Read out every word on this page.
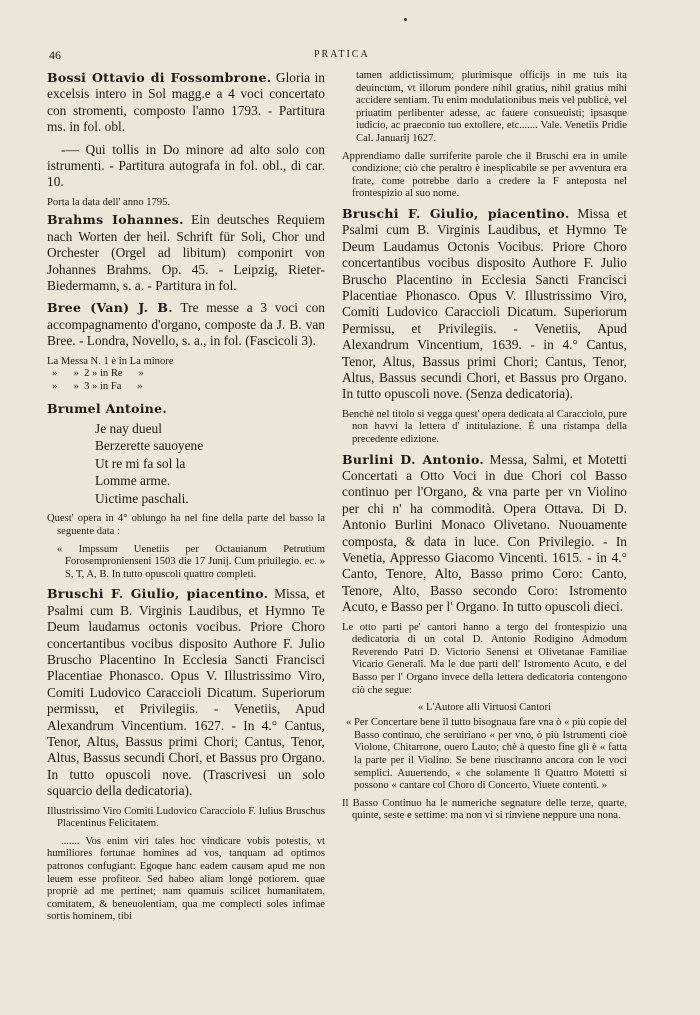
46	PRATICA

Bossi Ottavio di Fossombrone. Gloria in excelsis intero in Sol magg.e a 4 voci concertato con stromenti, composto l'anno 1793. - Partitura ms. in fol. obl.

-— Qui tollis in Do minore ad alto solo con istrumenti. - Partitura autografa in fol. obl., di car. 10.

Porta la data dell' anno 1795.

Brahms Iohannes. Ein deutsches Requiem nach Worten der heil. Schrift für Soli, Chor und Orchester (Orgel ad libitum) componirt von Johannes Brahms. Op. 45. - Leipzig, Rieter-Biedermamn, s. a. - Partitura in fol.

Bree (Van) J. B. Tre messe a 3 voci con accompagnamento d'organo, composte da J. B. van Bree. - Londra, Novello, s. a., in fol. (Fascicoli 3).

La Messa N. 1 è in La minore
»      »  2 » in Re      »
»      »  3 » in Fa      »

Brumel Antoine.

Je nay dueul
Berzerette sauoyene
Ut re mi fa sol la
Lomme arme.
Uictime paschali.

Quest' opera in 4° oblungo ha nel fine della parte del basso la seguente data :

« Impssum Uenetiis per Octauianum Petrutium Forosempronienseni 1503 die 17 Junij. Cum priuilegio. ec. » S, T, A, B. In tutto opuscoli quattro completi.

Bruschi F. Giulio, piacentino. Missa, et Psalmi cum B. Virginis Laudibus, et Hymno Te Deum laudamus octonis vocibus. Priore Choro concertantibus vocibus disposito Authore F. Julio Bruscho Placentino In Ecclesia Sancti Francisci Placentiae Phonasco. Opus V. Illustrissimo Viro, Comiti Ludovico Caraccioli Dicatum. Superiorum permissu, et Privilegiis. - Venetiis, Apud Alexandrum Vincentium. 1627. - In 4.° Cantus, Tenor, Altus, Bassus primi Chori; Cantus, Tenor, Altus, Bassus secundi Chori, et Bassus pro Organo. In tutto opuscoli nove. (Trascrivesi un solo squarcio della dedicatoria).

Illustrissimo Viro Comiti Ludovico Caracciolo F. Iulius Bruschus Placentinus Felicitatem.

....... Vos enim viri tales hoc vindicare vobis potestis, vt humiliores fortunae homines ad vos, tanquam ad optimos patronos confugiant: Egoque hanc eadem causam apud me non leuem esse profiteor. Sed habeo aliam longè potiorem. quae propriè ad me pertinet; nam quamuis scilicet humanitatem, comitatem, & beneuolentiam, qua me complecti soles infimae sortis hominem, tibi

tamen addictissimum; plurimisque officijs in me tuis ita deuinctum, vt illorum pondere nihil gratius, nihil gratius mihi accidere sentiam. Tu enim modulationibus meis vel publicè, vel priuatim perlibenter adesse, ac fauere consueuisti; ipsasque iudicio, ac praeconio tuo extollere, etc....... Vale. Venetiis Pridie Cal. Januarij 1627.

Apprendiamo dalle surriferite parole che il Bruschi era in umile condizione; ciò che peraltro è inesplicabile se per avventura era frate, come potrebbe darlo a credere la F anteposta nel frontespizio al suo nome.

Bruschi F. Giulio, piacentino. Missa et Psalmi cum B. Virginis Laudibus, et Hymno Te Deum Laudamus Octonis Vocibus. Priore Choro concertantibus vocibus disposito Authore F. Julio Bruscho Placentino in Ecclesia Sancti Francisci Placentiae Phonasco. Opus V. Illustrissimo Viro, Comiti Ludovico Caraccioli Dicatum. Superiorum Permissu, et Privilegiis. - Venetiis, Apud Alexandrum Vincentium, 1639. - in 4.° Cantus, Tenor, Altus, Bassus primi Chori; Cantus, Tenor, Altus, Bassus secundi Chori, et Bassus pro Organo. In tutto opuscoli nove. (Senza dedicatoria).

Benchè nel titolo si vegga quest' opera dedicata al Caracciolo, pure non havvi la lettera d' intitulazione. È una ristampa della precedente edizione.

Burlini D. Antonio. Messa, Salmi, et Motetti Concertati a Otto Voci in due Chori col Basso continuo per l'Organo, & vna parte per vn Violino per chi n' ha commodità. Opera Ottava. Di D. Antonio Burlini Monaco Olivetano. Nuouamente composta, & data in luce. Con Privilegio. - In Venetia, Appresso Giacomo Vincenti. 1615. - in 4.° Canto, Tenore, Alto, Basso primo Coro: Canto, Tenore, Alto, Basso secondo Coro: Istromento Acuto, e Basso per l' Organo. In tutto opuscoli dieci.

Le otto parti pe' cantori hanno a tergo del frontespizio una dedicatoria di un cotal D. Antonio Rodigino Admodum Reverendo Patri D. Victorio Senensi et Olivetanae Familiae Vicario Generali. Ma le due parti dell' Istromento Acuto, e del Basso per l' Organo invece della lettera dedicatoria contengono ciò che segue:

« L'Autore alli Virtuosi Cantori

« Per Concertare bene il tutto bisognaua fare vna ò « più copie del Basso continuo, che seruiriano « per vno, ò più Istrumenti cioè Violone, Chitarrone, ouero Lauto; chè à questo fine gli è « fatta la parte per il Violino. Se bene riusciranno ancora con le voci semplici. Auuertendo, « che solamente li Quattro Motetti si possono « cantare col Choro di Concerto. Viuete contenti. »

Il Basso Continuo ha le numeriche segnature delle terze, quarte, quinte, seste e settime: ma non vi si rinviene neppure una nona.
